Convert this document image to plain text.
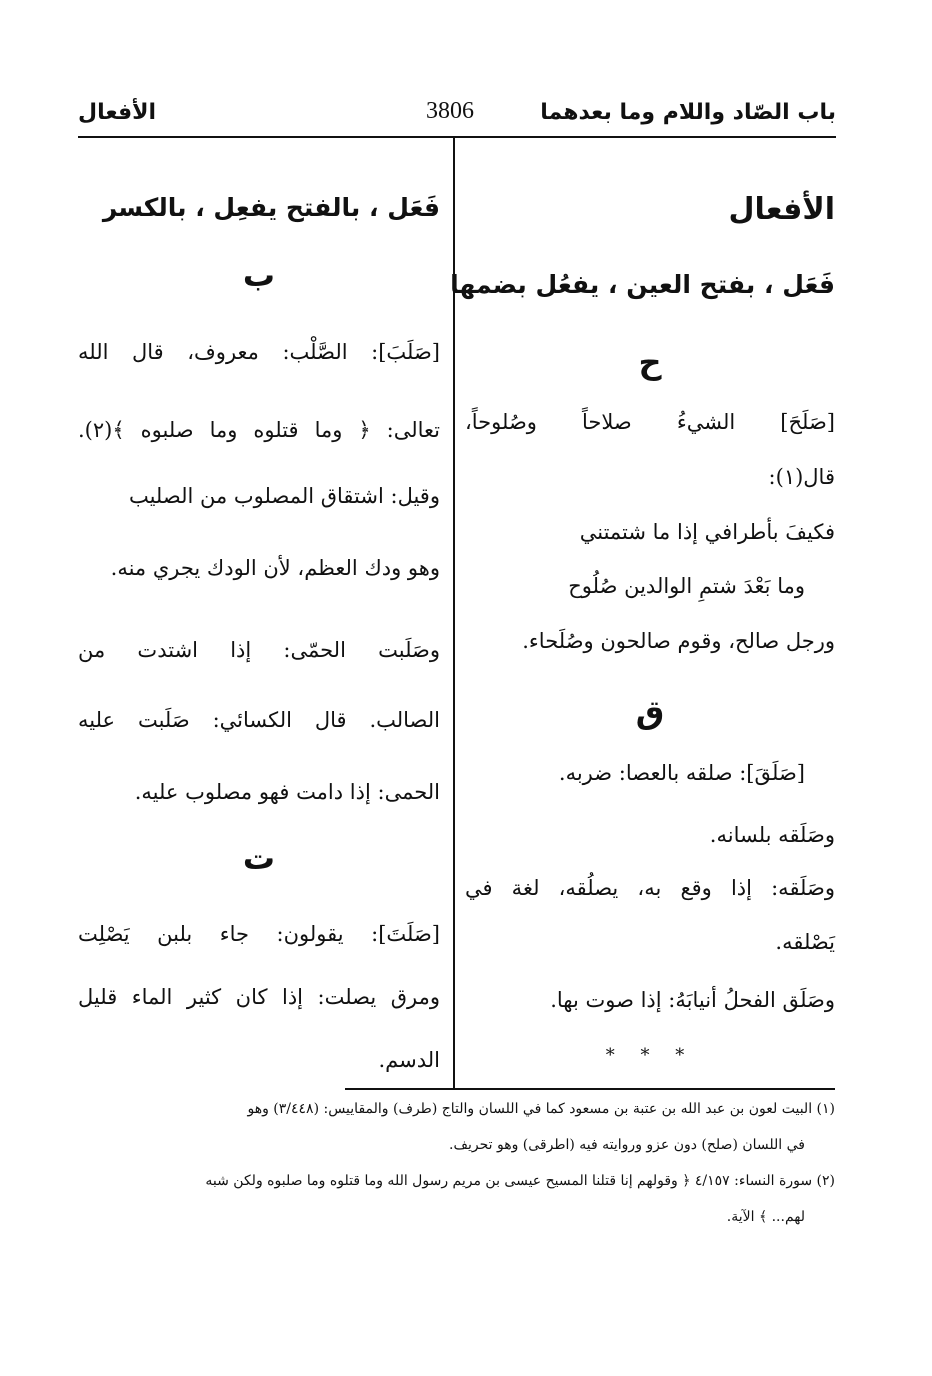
باب الصّاد واللام وما بعدهما
3806
الأفعال
الأفعال
فَعَل ، بفتح العين ، يفعُل بضمها
ح
[صَلَحَ] الشيءُ صلاحاً وصُلوحاً،
قال(١):
فكيفَ بأطرافي إذا ما شتمتني
وما بَعْدَ شتمِ الوالدين صُلُوح
ورجل صالح، وقوم صالحون وصُلَحاء.
ق
[صَلَقَ]: صلقه بالعصا: ضربه.
وصَلَقه بلسانه.
وصَلَقه: إذا وقع به، يصلُقه، لغة في
يَصْلقه.
وصَلَق الفحلُ أنيابَهُ: إذا صوت بها.
* * *
فَعَل ، بالفتح يفعِل ، بالكسر
ب
[صَلَبَ]: الصَّلْب: معروف، قال الله
تعالى: ﴿ وما قتلوه وما صلبوه ﴾(٢).
وقيل: اشتقاق المصلوب من الصليب
وهو ودك العظم، لأن الودك يجري منه.
وصَلَبت الحمّى: إذا اشتدت من
الصالب. قال الكسائي: صَلَبت عليه
الحمى: إذا دامت فهو مصلوب عليه.
ت
[صَلَتَ]: يقولون: جاء بلبن يَصْلِت
ومرق يصلت: إذا كان كثير الماء قليل
الدسم.
(١) البيت لعون بن عبد الله بن عتبة بن مسعود كما في اللسان والتاج (طرف) والمقاييس: (٣/٤٤٨) وهو
في اللسان (صلح) دون عزو وروايته فيه (اطرقى) وهو تحريف.
(٢) سورة النساء: ٤/١٥٧ ﴿ وقولهم إنا قتلنا المسيح عيسى بن مريم رسول الله وما قتلوه وما صلبوه ولكن شبه
لهم... ﴾ الآية.
